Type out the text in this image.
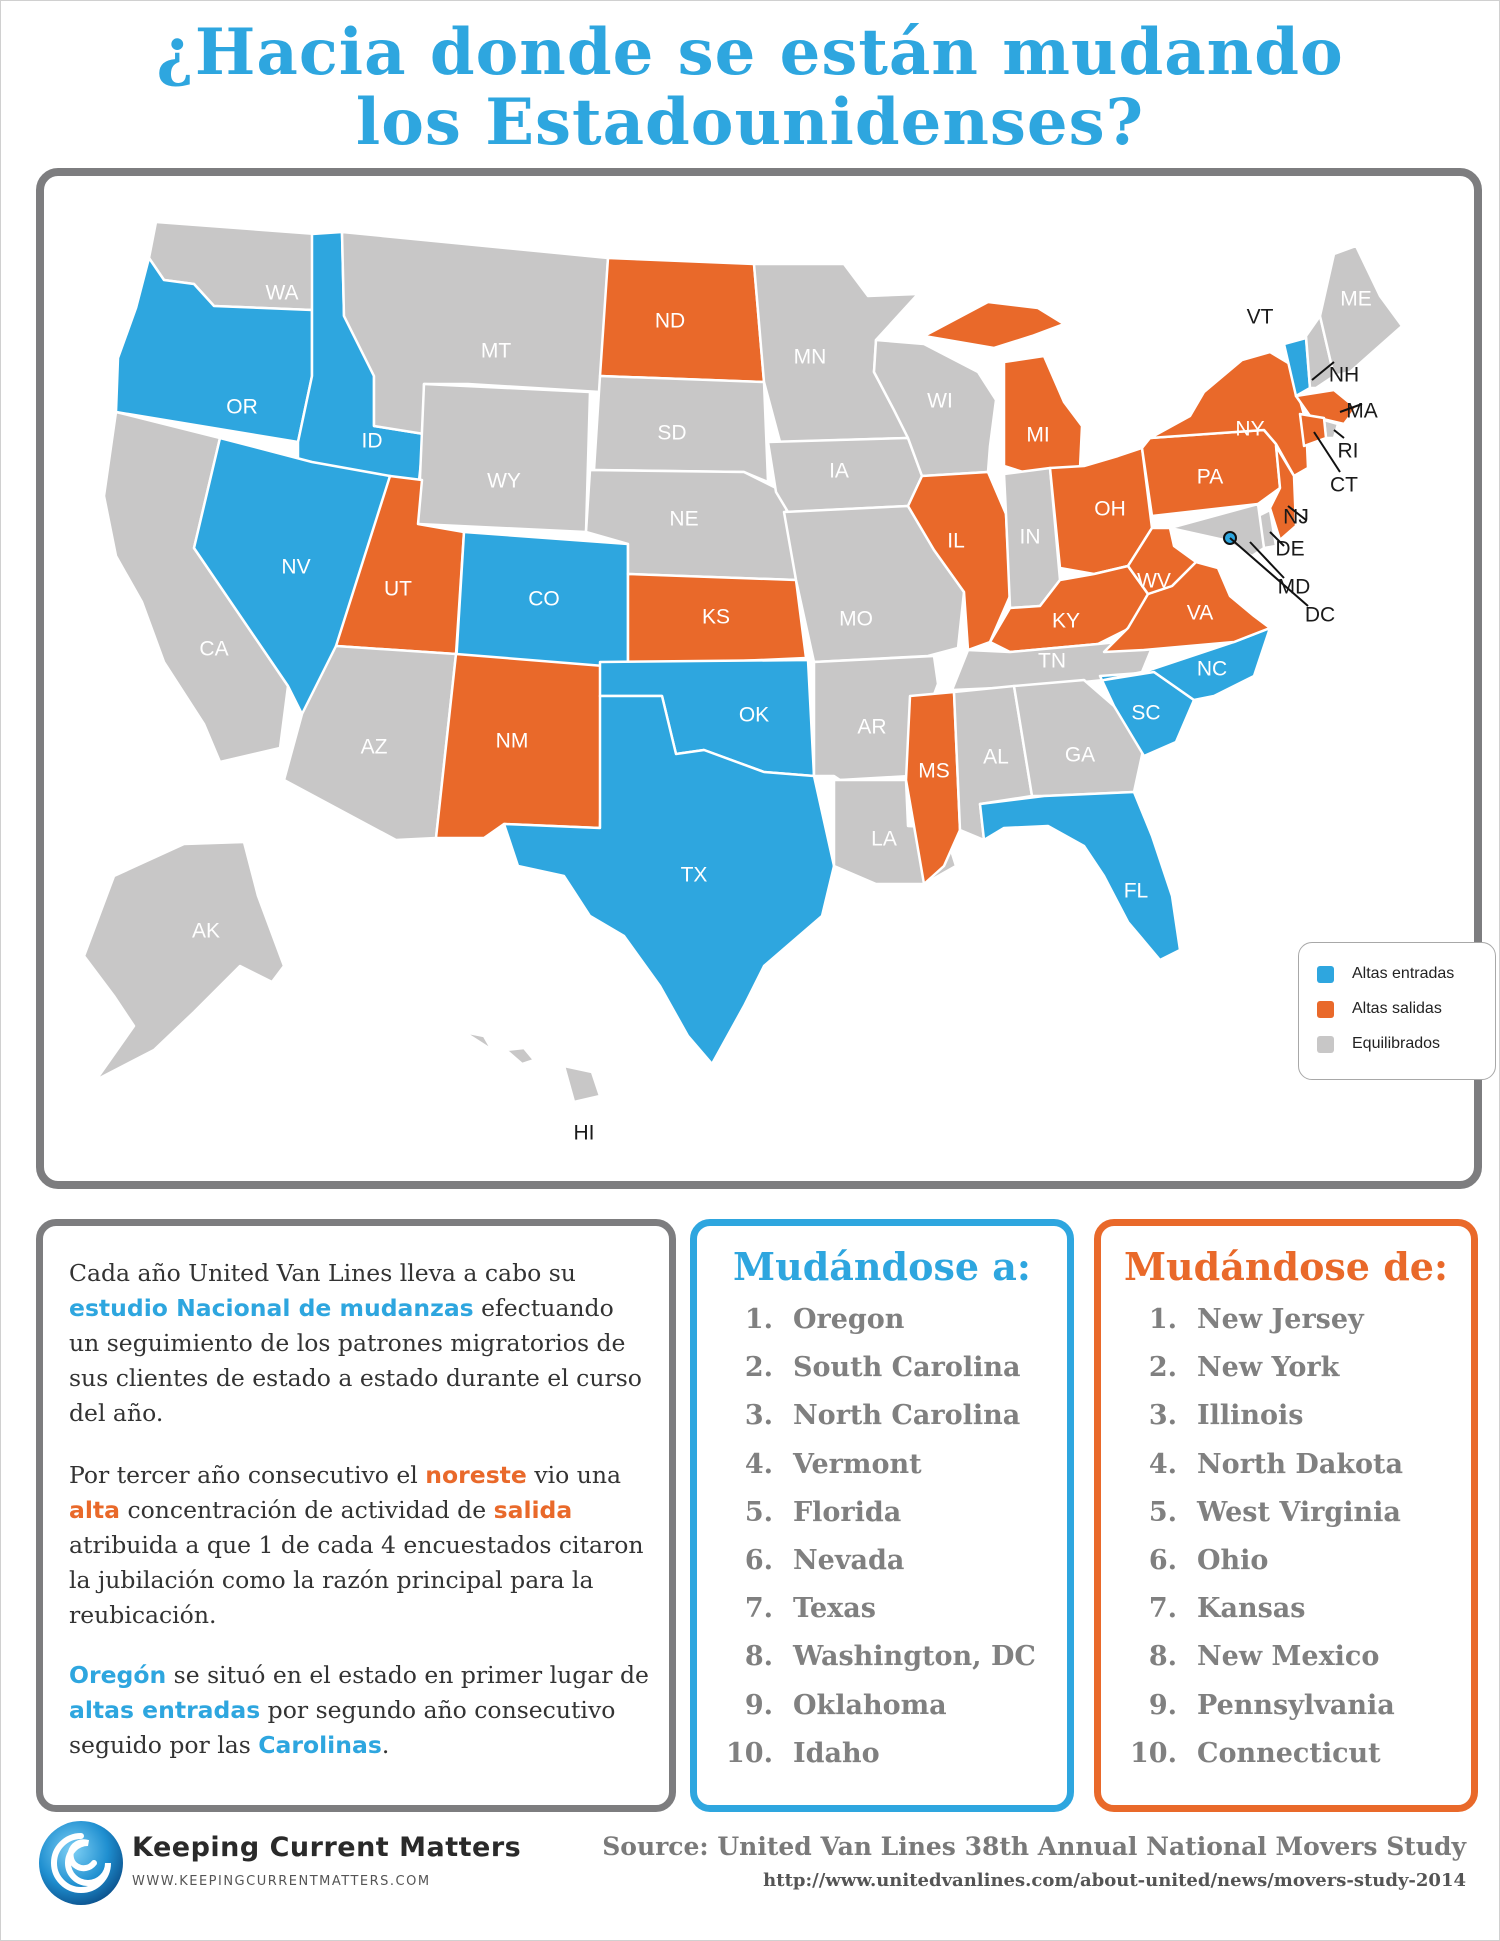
¿Hacia donde se están mudando
los Estadounidenses?
WA
OR
CA
ID
NV
MT
WY
UT
AZ
CO
NM
ND
SD
NE
KS
OK
TX
MN
IA
MO
AR
LA
WI
IL
MI
IN
OH
KY
TN
MS
AL	GA
FL
SC
NC
VA
WV
PA
NY
VT
NH
ME
MA
RI
CT
NJ
DE
MD
DC
AK
HI
Altas entradas
Altas salidas
Equilibrados
Cada año United Van Lines lleva a cabo su estudio Nacional de mudanzas efectuando un seguimiento de los patrones migratorios de sus clientes de estado a estado durante el curso del año.
Por tercer año consecutivo el noreste vio una alta concentración de actividad de salida atribuida a que 1 de cada 4 encuestados citaron la jubilación como la razón principal para la reubicación.
Oregón se situó en el estado en primer lugar de altas entradas por segundo año consecutivo seguido por las Carolinas.
Mudándose a:
1. Oregon
2. South Carolina
3. North Carolina
4. Vermont
5. Florida
6. Nevada
7. Texas
8. Washington, DC
9. Oklahoma
10. Idaho
Mudándose de:
1. New Jersey
2. New York
3. Illinois
4. North Dakota
5. West Virginia
6. Ohio
7. Kansas
8. New Mexico
9. Pennsylvania
10. Connecticut
Keeping Current Matters
WWW.KEEPINGCURRENTMATTERS.COM
Source: United Van Lines 38th Annual National Movers Study
http://www.unitedvanlines.com/about-united/news/movers-study-2014
